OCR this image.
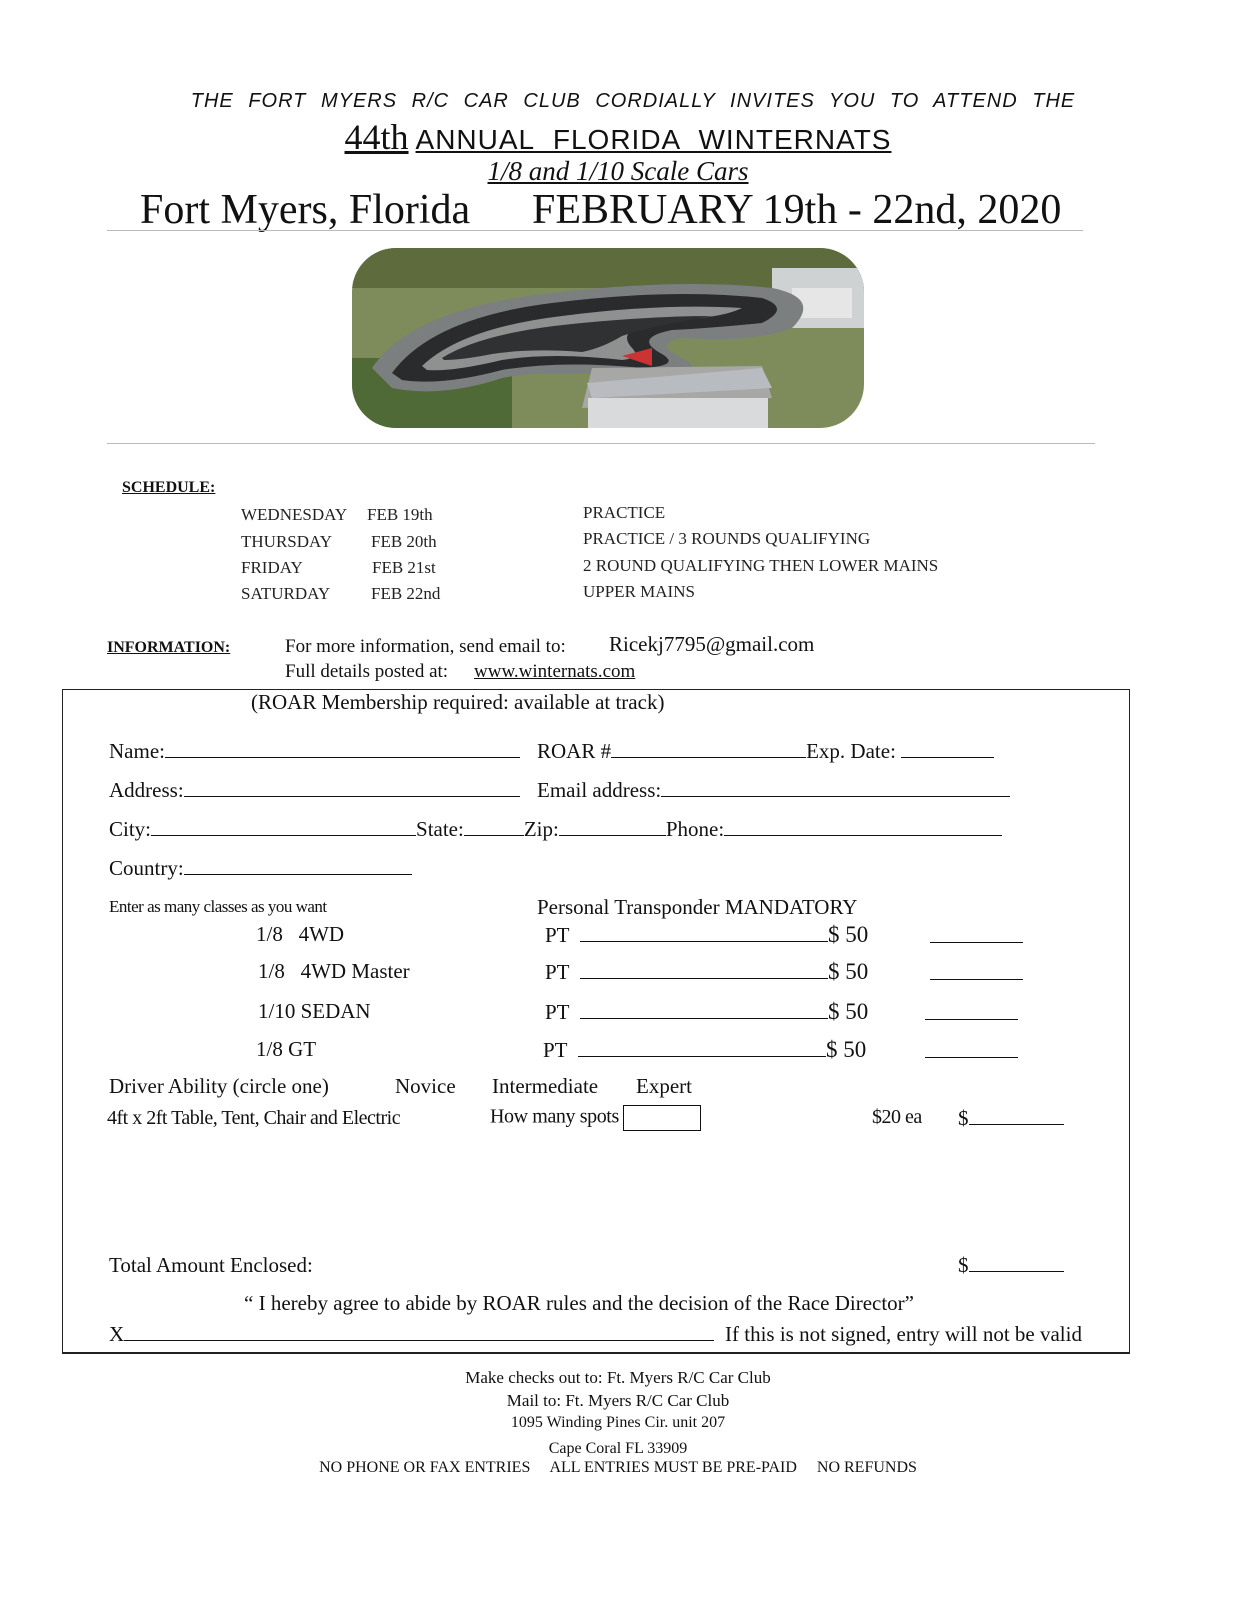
THE FORT MYERS R/C CAR CLUB CORDIALLY INVITES YOU TO ATTEND THE
44th ANNUAL FLORIDA WINTERNATS
1/8 and 1/10 Scale Cars
Fort Myers, Florida FEBRUARY 19th - 22nd, 2020
SCHEDULE:
WEDNESDAY FEB 19th	PRACTICE
THURSDAY FEB 20th	PRACTICE / 3 ROUNDS QUALIFYING
FRIDAY	FEB 21st	2 ROUND QUALIFYING THEN LOWER MAINS
SATURDAY FEB 22nd	UPPER MAINS
INFORMATION:	For more information, send email to: Ricekj7795@gmail.com
Full details posted at: www.winternats.com
(ROAR Membership required: available at track)
Name:	ROAR #	Exp. Date:
Address:	Email address:
City:	State:	Zip:	Phone:
Country:
Enter as many classes as you want	Personal Transponder MANDATORY
1/8   4WD	PT	$ 50
1/8   4WD Master	PT	$ 50
1/10 SEDAN	PT	$ 50
1/8 GT	PT	$ 50
Driver Ability (circle one)	Novice Intermediate Expert
4ft x 2ft Table, Tent, Chair and Electric	How many spots	$20 ea $
Total Amount Enclosed:	$
“ I hereby agree to abide by ROAR rules and the decision of the Race Director”
X	If this is not signed, entry will not be valid
Make checks out to: Ft. Myers R/C Car Club
Mail to: Ft. Myers R/C Car Club
1095 Winding Pines Cir. unit 207
Cape Coral FL 33909
NO PHONE OR FAX ENTRIES     ALL ENTRIES MUST BE PRE-PAID     NO REFUNDS
